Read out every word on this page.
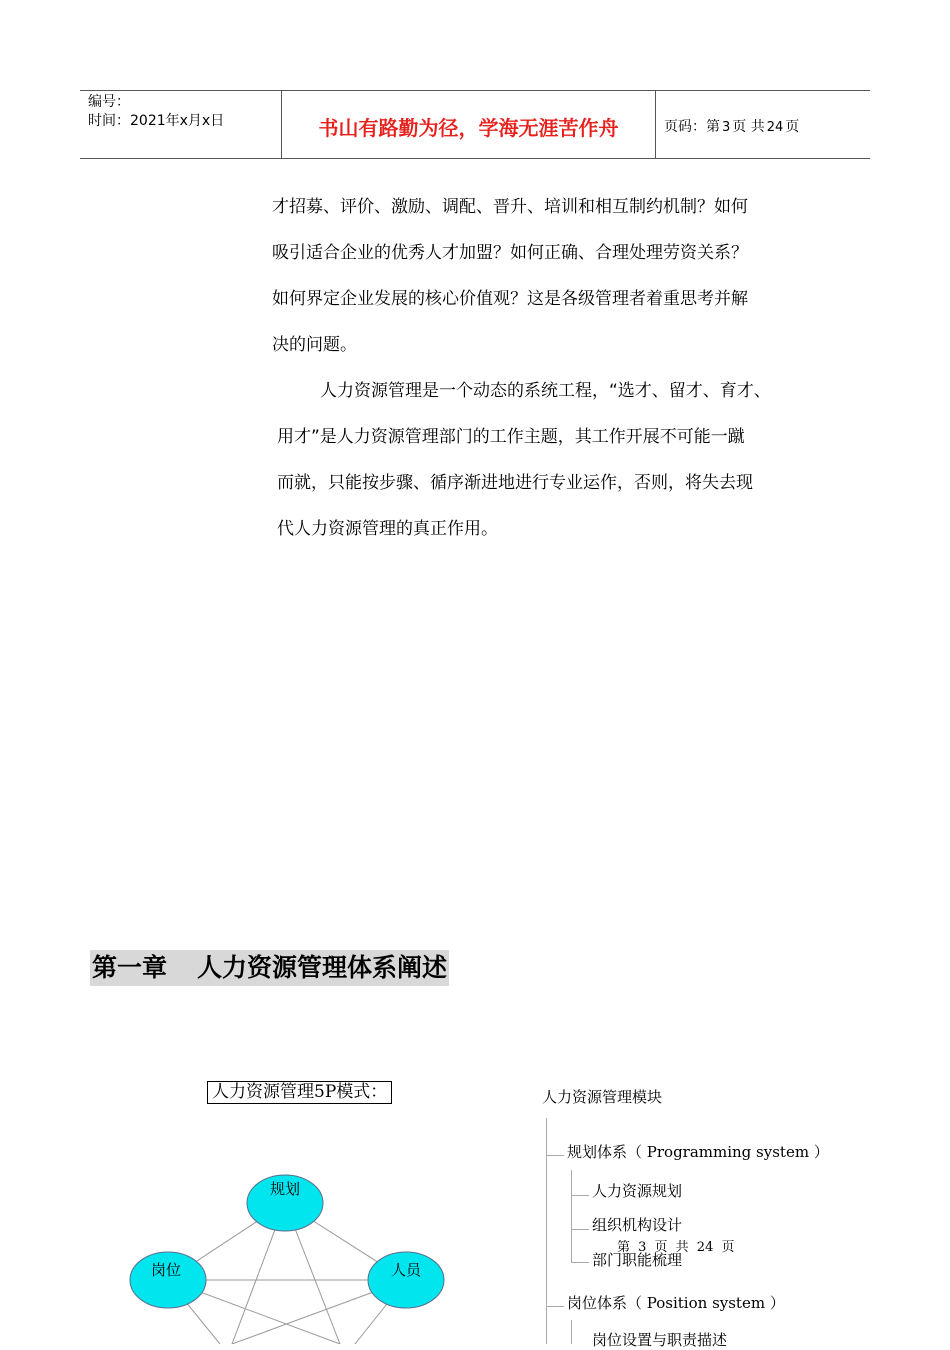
编号：
时间：2021年x月x日	书山有路勤为径，学海无涯苦作舟	页码：第 3 页 共 24 页
才招募、评价、激励、调配、晋升、培训和相互制约机制？如何
吸引适合企业的优秀人才加盟？如何正确、合理处理劳资关系？
如何界定企业发展的核心价值观？这是各级管理者着重思考并解
决的问题。
人力资源管理是一个动态的系统工程，“选才、留才、育才、
用才”是人力资源管理部门的工作主题，其工作开展不可能一蹴
而就，只能按步骤、循序渐进地进行专业运作，否则，将失去现
代人力资源管理的真正作用。
第一章 人力资源管理体系阐述
人力资源管理5P模式：
规划
岗位	人员
人力资源管理模块
规划体系（ Programming system ）
人力资源规划
组织机构设计
部门职能梳理
岗位体系（ Position system ）
岗位设置与职责描述
第 3 页 共 24 页
